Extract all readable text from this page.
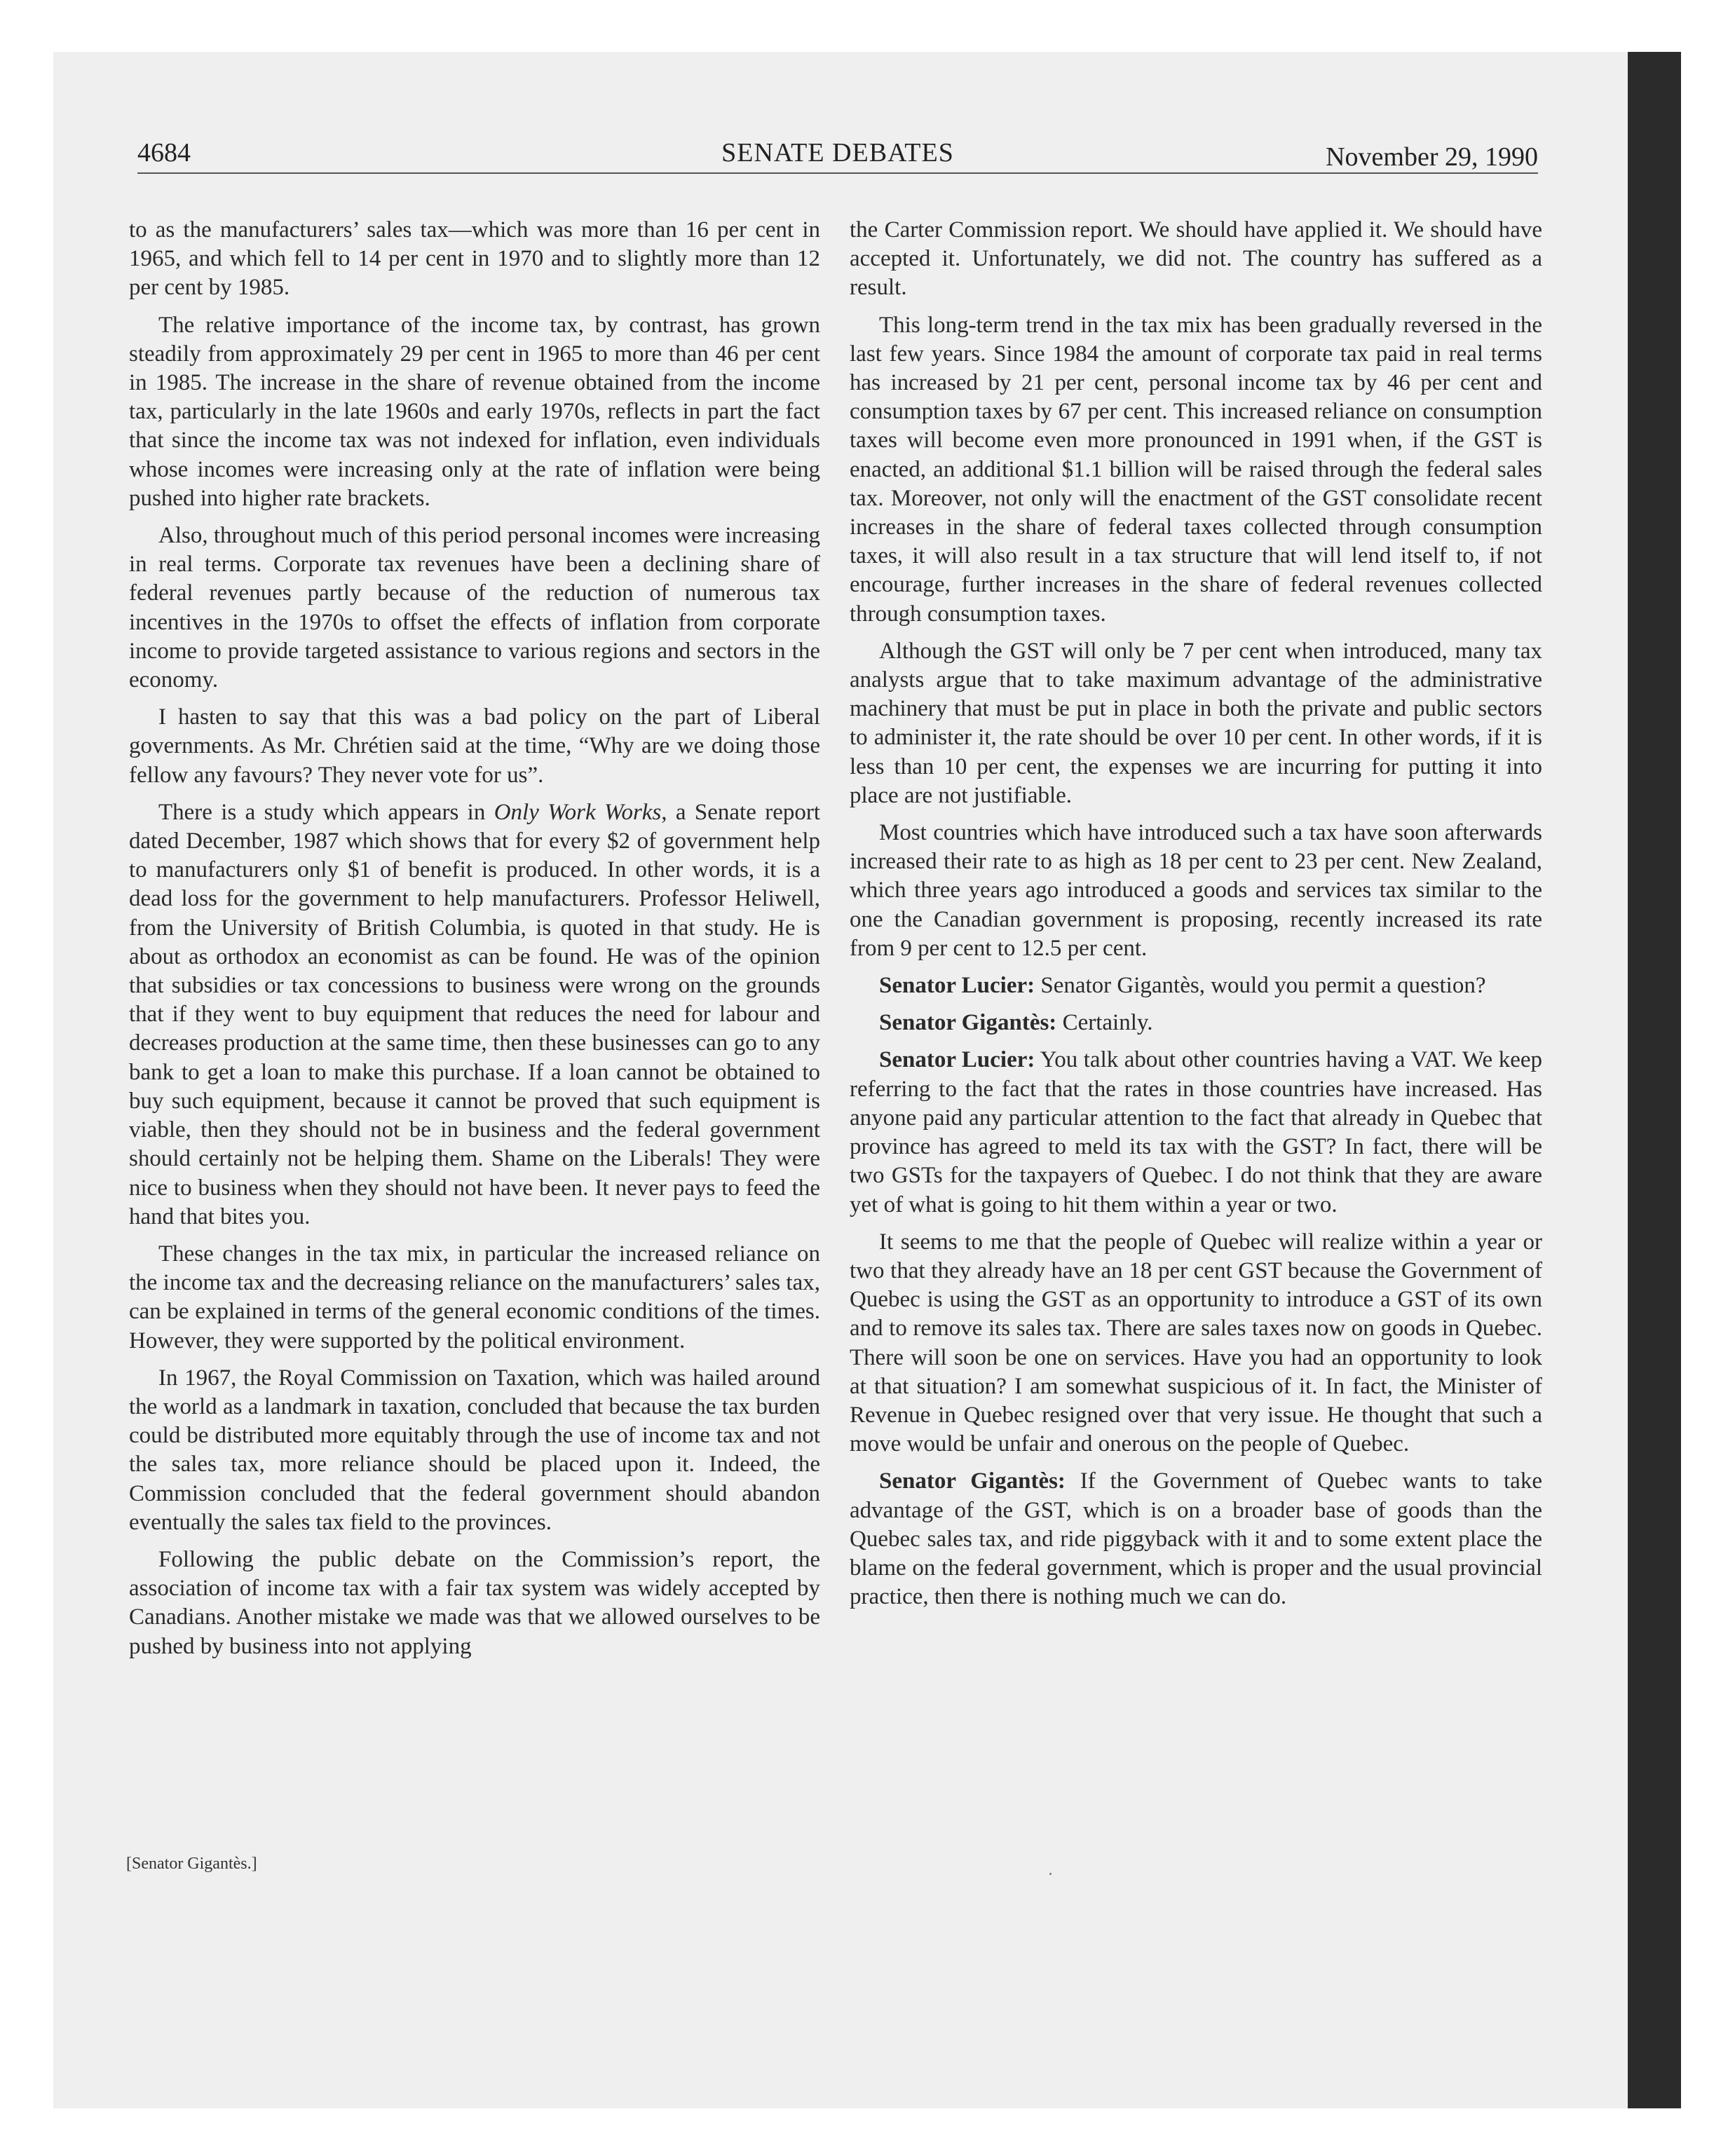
4684	SENATE DEBATES	November 29, 1990

to as the manufacturers’ sales tax—which was more than 16 per cent in 1965, and which fell to 14 per cent in 1970 and to slightly more than 12 per cent by 1985.

The relative importance of the income tax, by contrast, has grown steadily from approximately 29 per cent in 1965 to more than 46 per cent in 1985. The increase in the share of revenue obtained from the income tax, particularly in the late 1960s and early 1970s, reflects in part the fact that since the income tax was not indexed for inflation, even individuals whose incomes were increasing only at the rate of inflation were being pushed into higher rate brackets.

Also, throughout much of this period personal incomes were increasing in real terms. Corporate tax revenues have been a declining share of federal revenues partly because of the reduction of numerous tax incentives in the 1970s to offset the effects of inflation from corporate income to provide targeted assistance to various regions and sectors in the economy.

I hasten to say that this was a bad policy on the part of Liberal governments. As Mr. Chrétien said at the time, “Why are we doing those fellow any favours? They never vote for us”.

There is a study which appears in Only Work Works, a Senate report dated December, 1987 which shows that for every $2 of government help to manufacturers only $1 of benefit is produced. In other words, it is a dead loss for the government to help manufacturers. Professor Heliwell, from the University of British Columbia, is quoted in that study. He is about as orthodox an economist as can be found. He was of the opinion that subsidies or tax concessions to business were wrong on the grounds that if they went to buy equipment that reduces the need for labour and decreases production at the same time, then these businesses can go to any bank to get a loan to make this purchase. If a loan cannot be obtained to buy such equipment, because it cannot be proved that such equipment is viable, then they should not be in business and the federal government should certainly not be helping them. Shame on the Liberals! They were nice to business when they should not have been. It never pays to feed the hand that bites you.

These changes in the tax mix, in particular the increased reliance on the income tax and the decreasing reliance on the manufacturers’ sales tax, can be explained in terms of the general economic conditions of the times. However, they were supported by the political environment.

In 1967, the Royal Commission on Taxation, which was hailed around the world as a landmark in taxation, concluded that because the tax burden could be distributed more equitably through the use of income tax and not the sales tax, more reliance should be placed upon it. Indeed, the Commission concluded that the federal government should abandon eventually the sales tax field to the provinces.

Following the public debate on the Commission’s report, the association of income tax with a fair tax system was widely accepted by Canadians. Another mistake we made was that we allowed ourselves to be pushed by business into not applying

[Senator Gigantès.]

the Carter Commission report. We should have applied it. We should have accepted it. Unfortunately, we did not. The country has suffered as a result.

This long-term trend in the tax mix has been gradually reversed in the last few years. Since 1984 the amount of corporate tax paid in real terms has increased by 21 per cent, personal income tax by 46 per cent and consumption taxes by 67 per cent. This increased reliance on consumption taxes will become even more pronounced in 1991 when, if the GST is enacted, an additional $1.1 billion will be raised through the federal sales tax. Moreover, not only will the enactment of the GST consolidate recent increases in the share of federal taxes collected through consumption taxes, it will also result in a tax structure that will lend itself to, if not encourage, further increases in the share of federal revenues collected through consumption taxes.

Although the GST will only be 7 per cent when introduced, many tax analysts argue that to take maximum advantage of the administrative machinery that must be put in place in both the private and public sectors to administer it, the rate should be over 10 per cent. In other words, if it is less than 10 per cent, the expenses we are incurring for putting it into place are not justifiable.

Most countries which have introduced such a tax have soon afterwards increased their rate to as high as 18 per cent to 23 per cent. New Zealand, which three years ago introduced a goods and services tax similar to the one the Canadian government is proposing, recently increased its rate from 9 per cent to 12.5 per cent.

Senator Lucier: Senator Gigantès, would you permit a question?

Senator Gigantès: Certainly.

Senator Lucier: You talk about other countries having a VAT. We keep referring to the fact that the rates in those countries have increased. Has anyone paid any particular attention to the fact that already in Quebec that province has agreed to meld its tax with the GST? In fact, there will be two GSTs for the taxpayers of Quebec. I do not think that they are aware yet of what is going to hit them within a year or two.

It seems to me that the people of Quebec will realize within a year or two that they already have an 18 per cent GST because the Government of Quebec is using the GST as an opportunity to introduce a GST of its own and to remove its sales tax. There are sales taxes now on goods in Quebec. There will soon be one on services. Have you had an opportunity to look at that situation? I am somewhat suspicious of it. In fact, the Minister of Revenue in Quebec resigned over that very issue. He thought that such a move would be unfair and onerous on the people of Quebec.

Senator Gigantès: If the Government of Quebec wants to take advantage of the GST, which is on a broader base of goods than the Quebec sales tax, and ride piggyback with it and to some extent place the blame on the federal government, which is proper and the usual provincial practice, then there is nothing much we can do.
